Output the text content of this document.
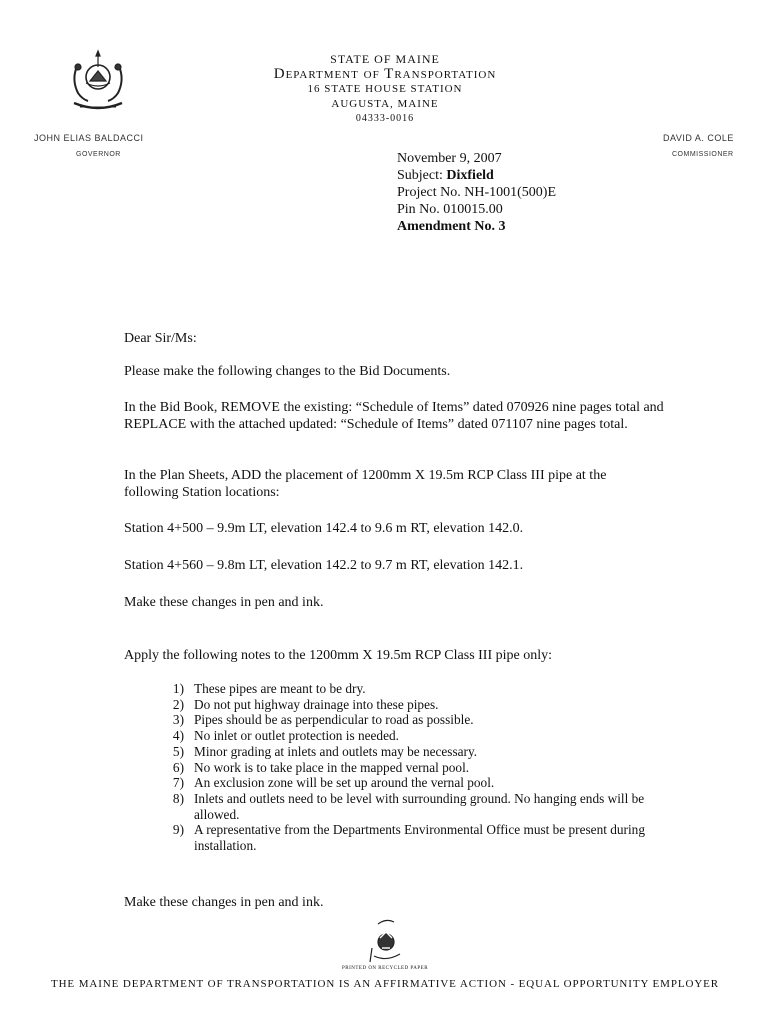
STATE OF MAINE

Department of Transportation

16 STATE HOUSE STATION

AUGUSTA, MAINE

04333-0016

JOHN ELIAS BALDACCI
GOVERNOR
DAVID A. COLE
COMMISSIONER
November 9, 2007
Subject: Dixfield
Project No. NH-1001(500)E
Pin No. 010015.00
Amendment No. 3

Dear Sir/Ms:

Please make the following changes to the Bid Documents.

In the Bid Book, REMOVE the existing: “Schedule of Items” dated 070926 nine pages total and REPLACE with the attached updated: “Schedule of Items” dated 071107 nine pages total.

In the Plan Sheets, ADD the placement of 1200mm X 19.5m RCP Class III pipe at the following Station locations:

Station 4+500 – 9.9m LT, elevation 142.4 to 9.6 m RT, elevation 142.0.

Station 4+560 – 9.8m LT, elevation 142.2 to 9.7 m RT, elevation 142.1.

Make these changes in pen and ink.

Apply the following notes to the 1200mm X 19.5m RCP Class III pipe only:

1) These pipes are meant to be dry.
2) Do not put highway drainage into these pipes.
3) Pipes should be as perpendicular to road as possible.
4) No inlet or outlet protection is needed.
5) Minor grading at inlets and outlets may be necessary.
6) No work is to take place in the mapped vernal pool.
7) An exclusion zone will be set up around the vernal pool.
8) Inlets and outlets need to be level with surrounding ground. No hanging ends will be allowed.
9) A representative from the Departments Environmental Office must be present during installation.

Make these changes in pen and ink.

PRINTED ON RECYCLED PAPER

THE MAINE DEPARTMENT OF TRANSPORTATION IS AN AFFIRMATIVE ACTION - EQUAL OPPORTUNITY EMPLOYER
